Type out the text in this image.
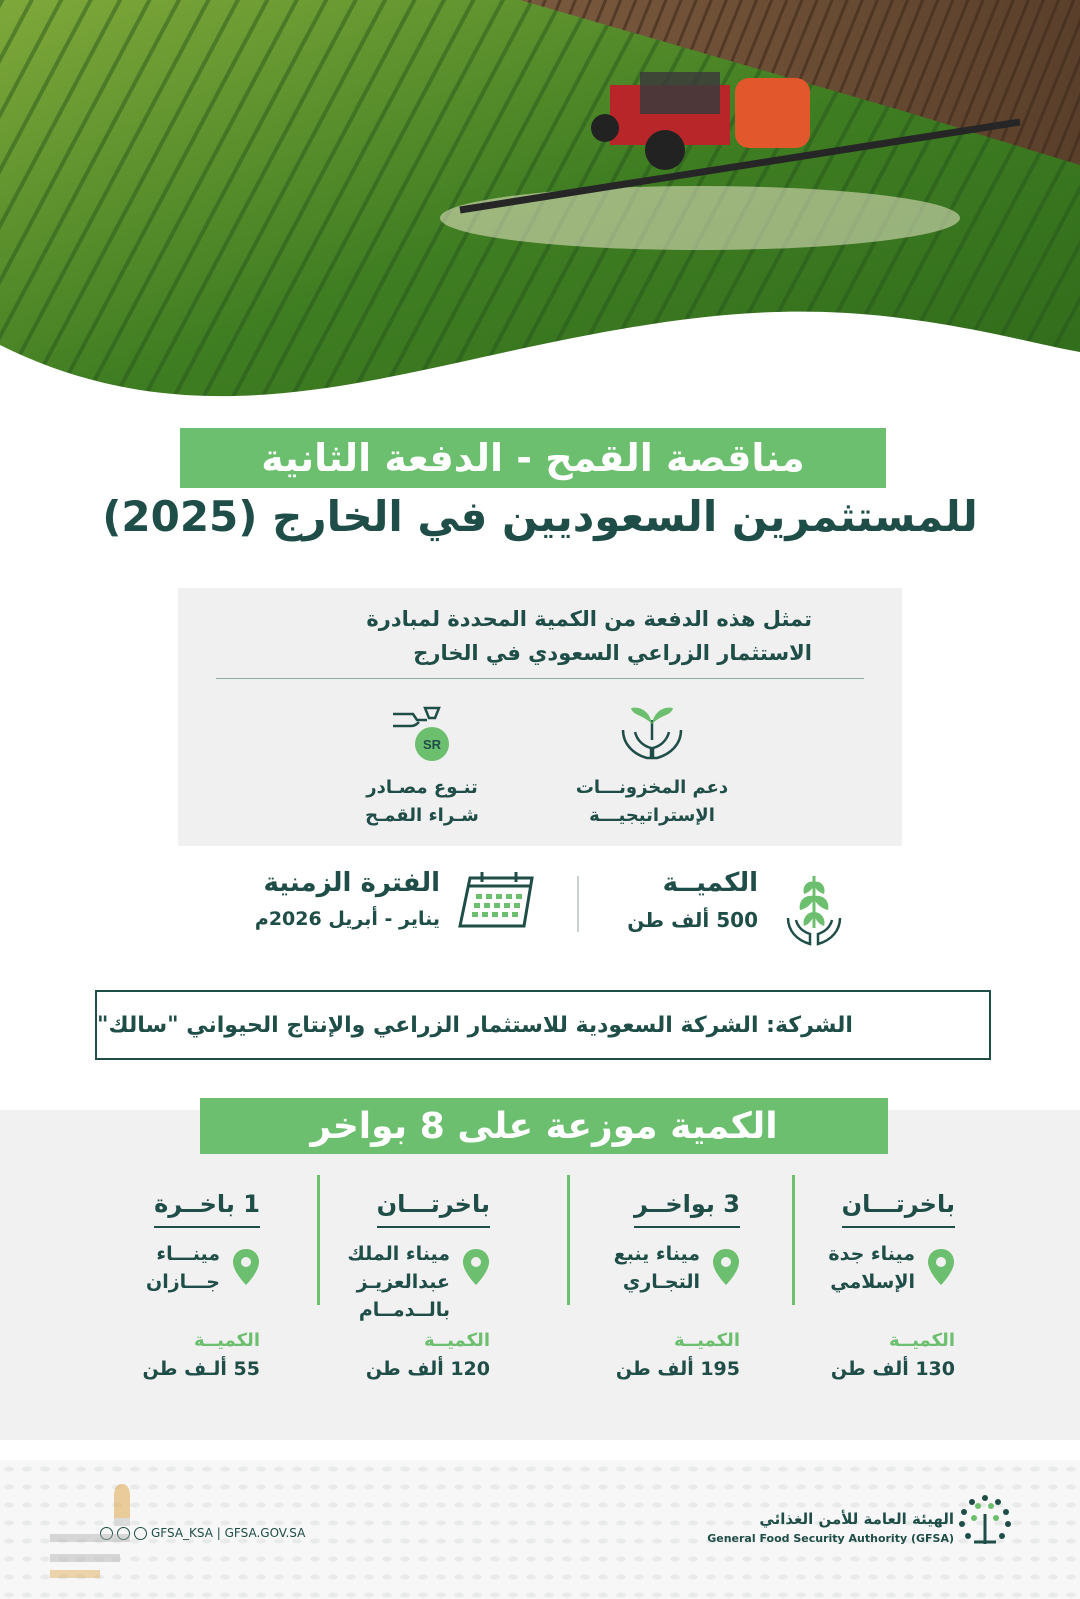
مناقصة القمح - الدفعة الثانية
للمستثمرين السعوديين في الخارج (2025)
تمثل هذه الدفعة من الكمية المحددة لمبادرة
الاستثمار الزراعي السعودي في الخارج
دعم المخزونـــات
الإستراتيجيـــة
SR
تنـوع مصـادر
شـراء القمـح
الكميــة
500 ألف طن
الفترة الزمنية
يناير - أبريل 2026م
الشركة: الشركة السعودية للاستثمار الزراعي والإنتاج الحيواني "سالك"
الكمية موزعة على 8 بواخر
باخرتـــان
ميناء جدة
الإسلامي
الكميــة
130 ألف طن
3 بواخــر
ميناء ينبع
التجـاري
الكميــة
195 ألف طن
باخرتـــان
ميناء الملك
عبدالعزيـز
بالــدمــام
الكميــة
120 ألف طن
1 باخــرة
مينـــاء
جـــازان
الكميــة
55 ألـف طن
الهيئة العامة للأمن الغذائي
General Food Security Authority (GFSA)
GFSA_KSA | GFSA.GOV.SA
